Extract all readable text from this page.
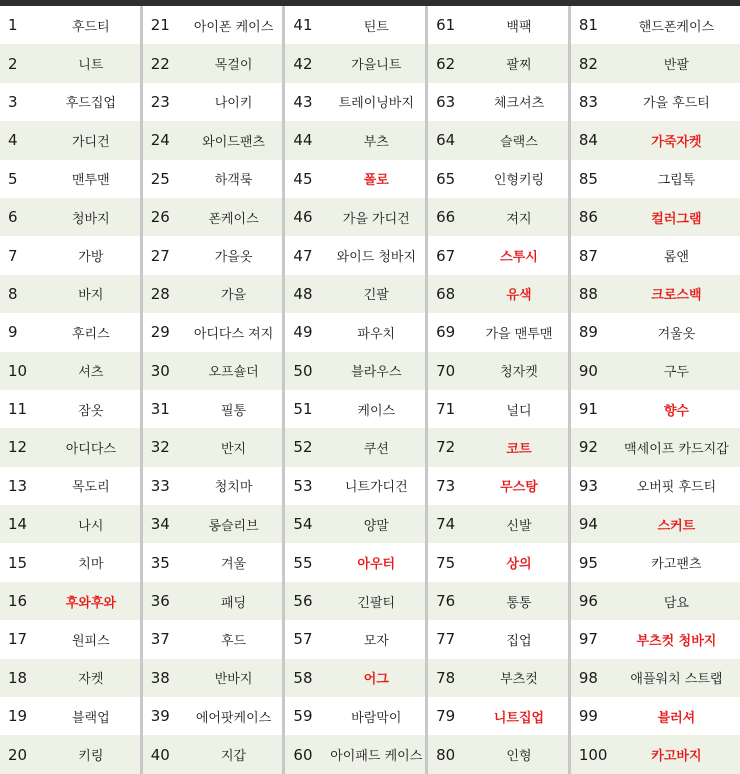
1	후드티
2	니트
3	후드집업
4	가디건
5	맨투맨
6	청바지
7	가방
8	바지
9	후리스
10	셔츠
11	잠옷
12	아디다스
13	목도리
14	나시
15	치마
16	후와후와
17	원피스
18	자켓
19	블랙업
20	키링
21	아이폰 케이스
22	목걸이
23	나이키
24	와이드팬츠
25	하객룩
26	폰케이스
27	가을옷
28	가을
29	아디다스 져지
30	오프숄더
31	필통
32	반지
33	청치마
34	롱슬리브
35	겨울
36	패딩
37	후드
38	반바지
39	에어팟케이스
40	지갑
41	틴트
42	가을니트
43	트레이닝바지
44	부츠
45	폴로
46	가을 가디건
47	와이드 청바지
48	긴팔
49	파우치
50	블라우스
51	케이스
52	쿠션
53	니트가디건
54	양말
55	아우터
56	긴팔티
57	모자
58	어그
59	바람막이
60	아이패드 케이스
61	백팩
62	팔찌
63	체크셔츠
64	슬랙스
65	인형키링
66	져지
67	스투시
68	유색
69	가을 맨투맨
70	청자켓
71	널디
72	코트
73	무스탕
74	신발
75	상의
76	통통
77	집업
78	부츠컷
79	니트집업
80	인형
81	핸드폰케이스
82	반팔
83	가을 후드티
84	가죽자켓
85	그립톡
86	컬러그램
87	롬앤
88	크로스백
89	겨울옷
90	구두
91	향수
92	맥세이프 카드지갑
93	오버핏 후드티
94	스커트
95	카고팬츠
96	담요
97	부츠컷 청바지
98	애플워치 스트랩
99	블러셔
100	카고바지
